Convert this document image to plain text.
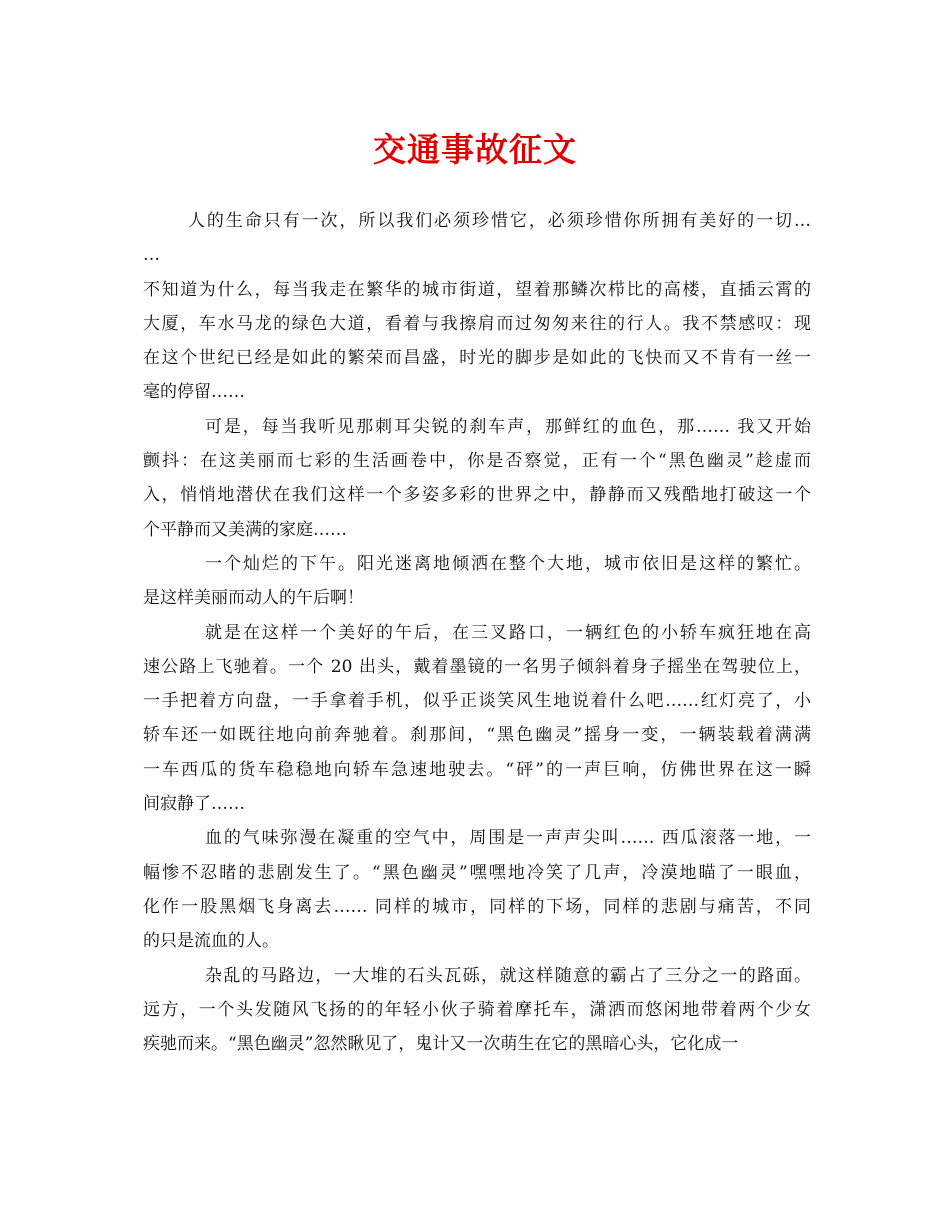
交通事故征文
人的生命只有一次，所以我们必须珍惜它，必须珍惜你所拥有美好的一切…
…
不知道为什么，每当我走在繁华的城市街道，望着那鳞次栉比的高楼，直插云霄的
大厦，车水马龙的绿色大道，看着与我擦肩而过匆匆来往的行人。我不禁感叹：现
在这个世纪已经是如此的繁荣而昌盛，时光的脚步是如此的飞快而又不肯有一丝一
毫的停留……
可是，每当我听见那刺耳尖锐的刹车声，那鲜红的血色，那…… 我又开始
颤抖：在这美丽而七彩的生活画卷中，你是否察觉，正有一个“黑色幽灵”趁虚而
入，悄悄地潜伏在我们这样一个多姿多彩的世界之中，静静而又残酷地打破这一个
个平静而又美满的家庭……
一个灿烂的下午。阳光迷离地倾洒在整个大地，城市依旧是这样的繁忙。
是这样美丽而动人的午后啊！
就是在这样一个美好的午后，在三叉路口，一辆红色的小轿车疯狂地在高
速公路上飞驰着。一个 20 出头，戴着墨镜的一名男子倾斜着身子摇坐在驾驶位上，
一手把着方向盘，一手拿着手机，似乎正谈笑风生地说着什么吧……红灯亮了，小
轿车还一如既往地向前奔驰着。刹那间，“黑色幽灵”摇身一变，一辆装载着满满
一车西瓜的货车稳稳地向轿车急速地驶去。“砰”的一声巨响，仿佛世界在这一瞬
间寂静了……
血的气味弥漫在凝重的空气中，周围是一声声尖叫…… 西瓜滚落一地，一
幅惨不忍睹的悲剧发生了。“黑色幽灵”嘿嘿地冷笑了几声，冷漠地瞄了一眼血，
化作一股黑烟飞身离去…… 同样的城市，同样的下场，同样的悲剧与痛苦，不同
的只是流血的人。
杂乱的马路边，一大堆的石头瓦砾，就这样随意的霸占了三分之一的路面。
远方，一个头发随风飞扬的的年轻小伙子骑着摩托车，潇洒而悠闲地带着两个少女
疾驰而来。“黑色幽灵”忽然瞅见了，鬼计又一次萌生在它的黑暗心头，它化成一
